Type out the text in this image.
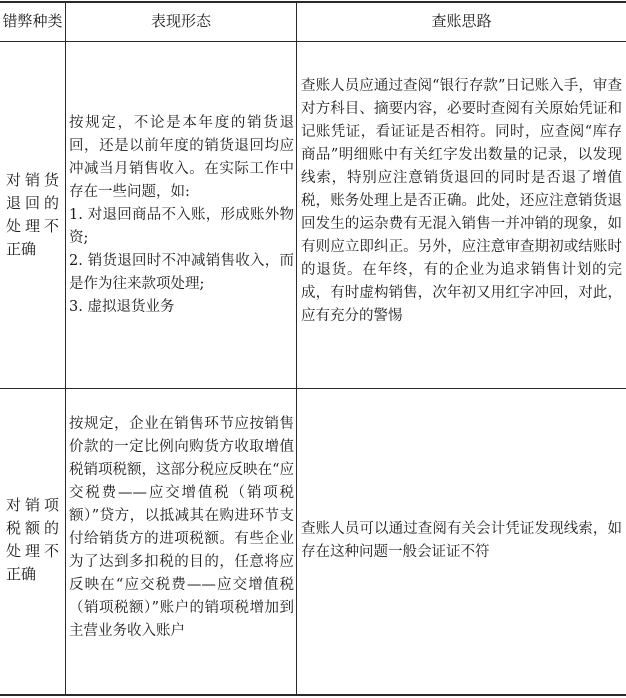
错弊种类	表现形态	查账思路
对销货
退回的
处理不
正确
按规定，不论是本年度的销货退回，还是以前年度的销货退回均应冲减当月销售收入。在实际工作中存在一些问题，如:
1. 对退回商品不入账，形成账外物资;
2. 销货退回时不冲减销售收入，而是作为往来款项处理;
3. 虚拟退货业务
查账人员应通过查阅“银行存款”日记账入手，审查对方科目、摘要内容，必要时查阅有关原始凭证和记账凭证，看证证是否相符。同时，应查阅“库存商品”明细账中有关红字发出数量的记录，以发现线索，特别应注意销货退回的同时是否退了增值税，账务处理上是否正确。此处，还应注意销货退回发生的运杂费有无混入销售一并冲销的现象，如有则应立即纠正。另外，应注意审查期初或结账时的退货。在年终，有的企业为追求销售计划的完成，有时虚构销售，次年初又用红字冲回，对此，应有充分的警惕
对销项
税额的
处理不
正确
按规定，企业在销售环节应按销售价款的一定比例向购货方收取增值税销项税额，这部分税应反映在“应交税费——应交增值税（销项税额）”贷方，以抵减其在购进环节支付给销货方的进项税额。有些企业为了达到多扣税的目的，任意将应反映在“应交税费——应交增值税（销项税额）”账户的销项税增加到主营业务收入账户
查账人员可以通过查阅有关会计凭证发现线索，如存在这种问题一般会证证不符
